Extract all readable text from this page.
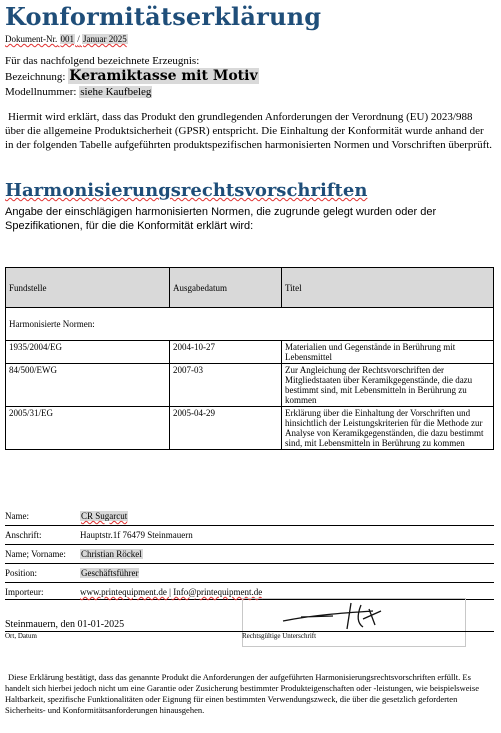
Konformitätserklärung
Dokument-Nr. 001 / Januar 2025
Für das nachfolgend bezeichnete Erzeugnis:
Bezeichnung: Keramiktasse mit Motiv
Modellnummer: siehe Kaufbeleg
Hiermit wird erklärt, dass das Produkt den grundlegenden Anforderungen der Verordnung (EU) 2023/988 über die allgemeine Produktsicherheit (GPSR) entspricht. Die Einhaltung der Konformität wurde anhand der in der folgenden Tabelle aufgeführten produktspezifischen harmonisierten Normen und Vorschriften überprüft.
Harmonisierungsrechtsvorschriften
Angabe der einschlägigen harmonisierten Normen, die zugrunde gelegt wurden oder der Spezifikationen, für die die Konformität erklärt wird:
Fundstelle	Ausgabedatum	Titel
Harmonisierte Normen:		
1935/2004/EG	2004-10-27	Materialien und Gegenstände in Berührung mit Lebensmittel
84/500/EWG	2007-03	Zur Angleichung der Rechtsvorschriften der Mitgliedstaaten über Keramikgegenstände, die dazu bestimmt sind, mit Lebensmitteln in Berührung zu kommen
2005/31/EG	2005-04-29	Erklärung über die Einhaltung der Vorschriften und hinsichtlich der Leistungskriterien für die Methode zur Analyse von Keramikgegenständen, die dazu bestimmt sind, mit Lebensmitteln in Berührung zu kommen
Name:	CR Sugarcut
Anschrift:	Hauptstr.1f 76479 Steinmauern
Name; Vorname: Christian Röckel
Position:	Geschäftsführer
Importeur:	www.printequipment.de | Info@printequipment.de
Steinmauern, den 01-01-2025
Ort, Datum	Rechtsgültige Unterschrift
Diese Erklärung bestätigt, dass das genannte Produkt die Anforderungen der aufgeführten Harmonisierungsrechtsvorschriften erfüllt. Es handelt sich hierbei jedoch nicht um eine Garantie oder Zusicherung bestimmter Produkteigenschaften oder -leistungen, wie beispielsweise Haltbarkeit, spezifische Funktionalitäten oder Eignung für einen bestimmten Verwendungszweck, die über die gesetzlich geforderten Sicherheits- und Konformitätsanforderungen hinausgehen.
